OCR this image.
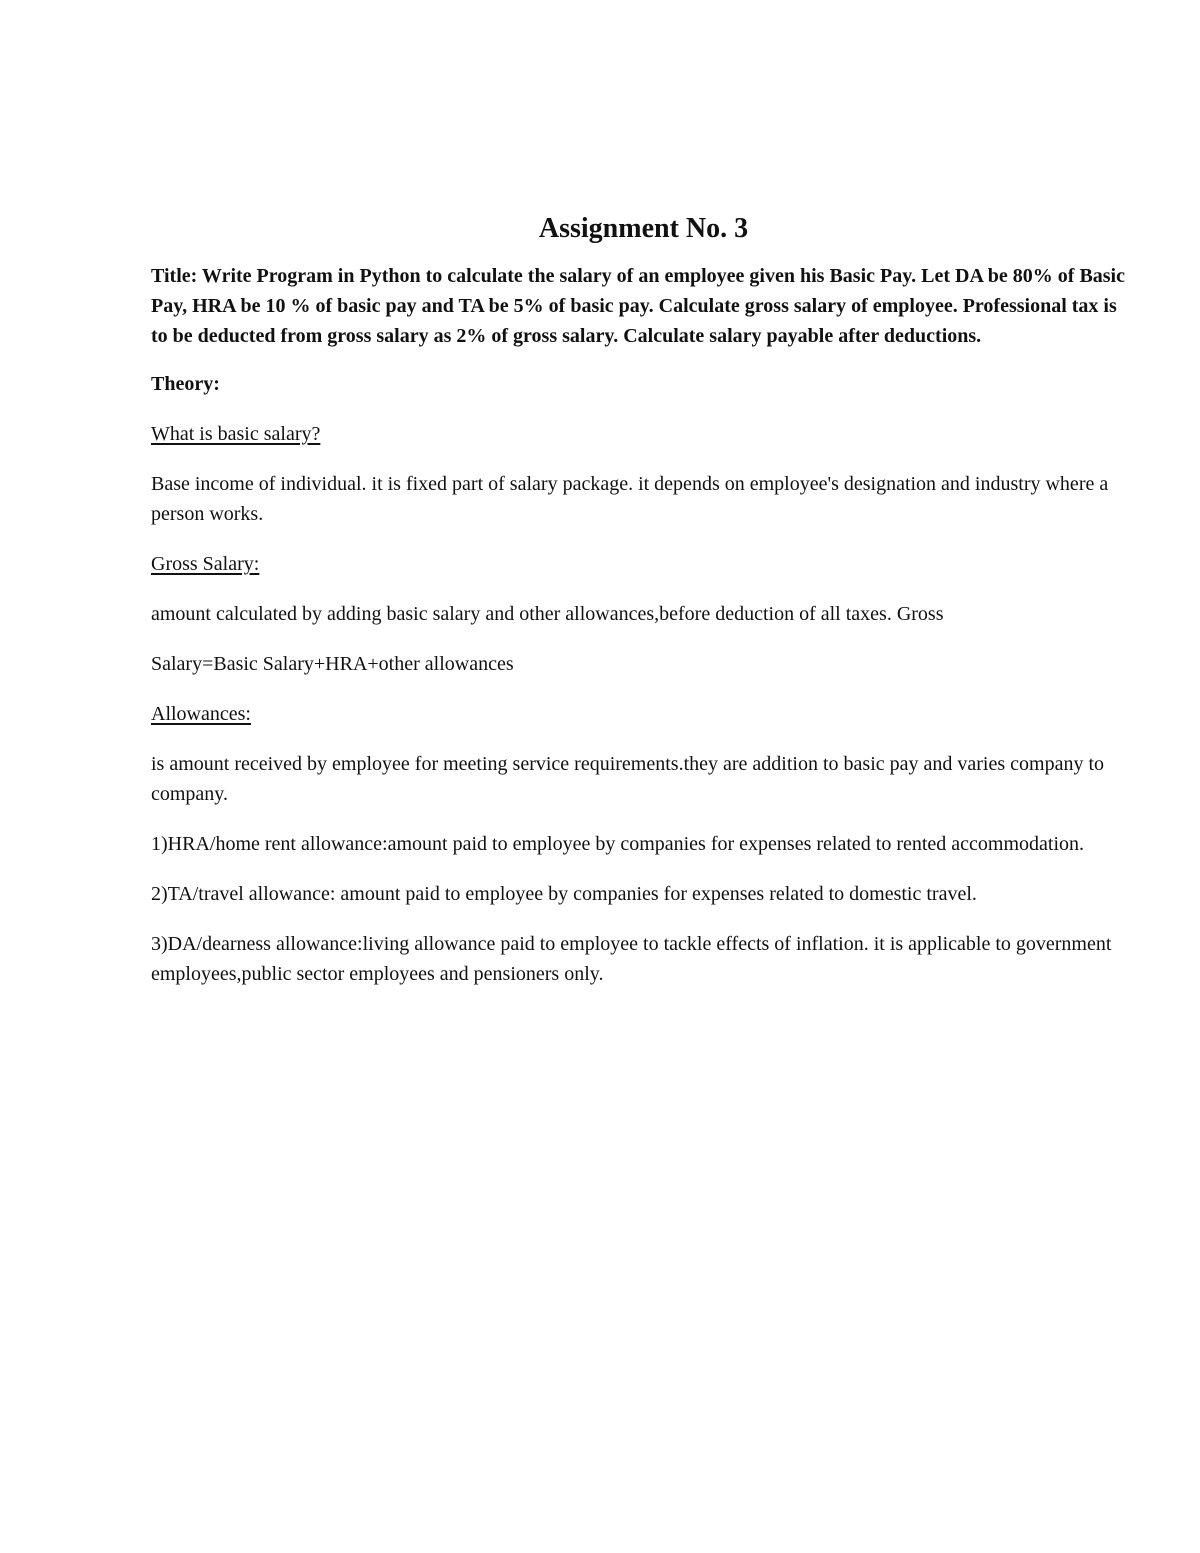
Assignment No. 3

Title: Write Program in Python to calculate the salary of an employee given his Basic Pay. Let DA be 80% of Basic Pay, HRA be 10 % of basic pay and TA be 5% of basic pay. Calculate gross salary of employee. Professional tax is to be deducted from gross salary as 2% of gross salary. Calculate salary payable after deductions.

Theory:

What is basic salary?

Base income of individual. it is fixed part of salary package. it depends on employee's designation and industry where a person works.

Gross Salary:

amount calculated by adding basic salary and other allowances,before deduction of all taxes. Gross

Salary=Basic Salary+HRA+other allowances

Allowances:

is amount received by employee for meeting service requirements.they are addition to basic pay and varies company to company.

1)HRA/home rent allowance:amount paid to employee by companies for expenses related to rented accommodation.

2)TA/travel allowance: amount paid to employee by companies for expenses related to domestic travel.

3)DA/dearness allowance:living allowance paid to employee to tackle effects of inflation. it is applicable to government employees,public sector employees and pensioners only.
